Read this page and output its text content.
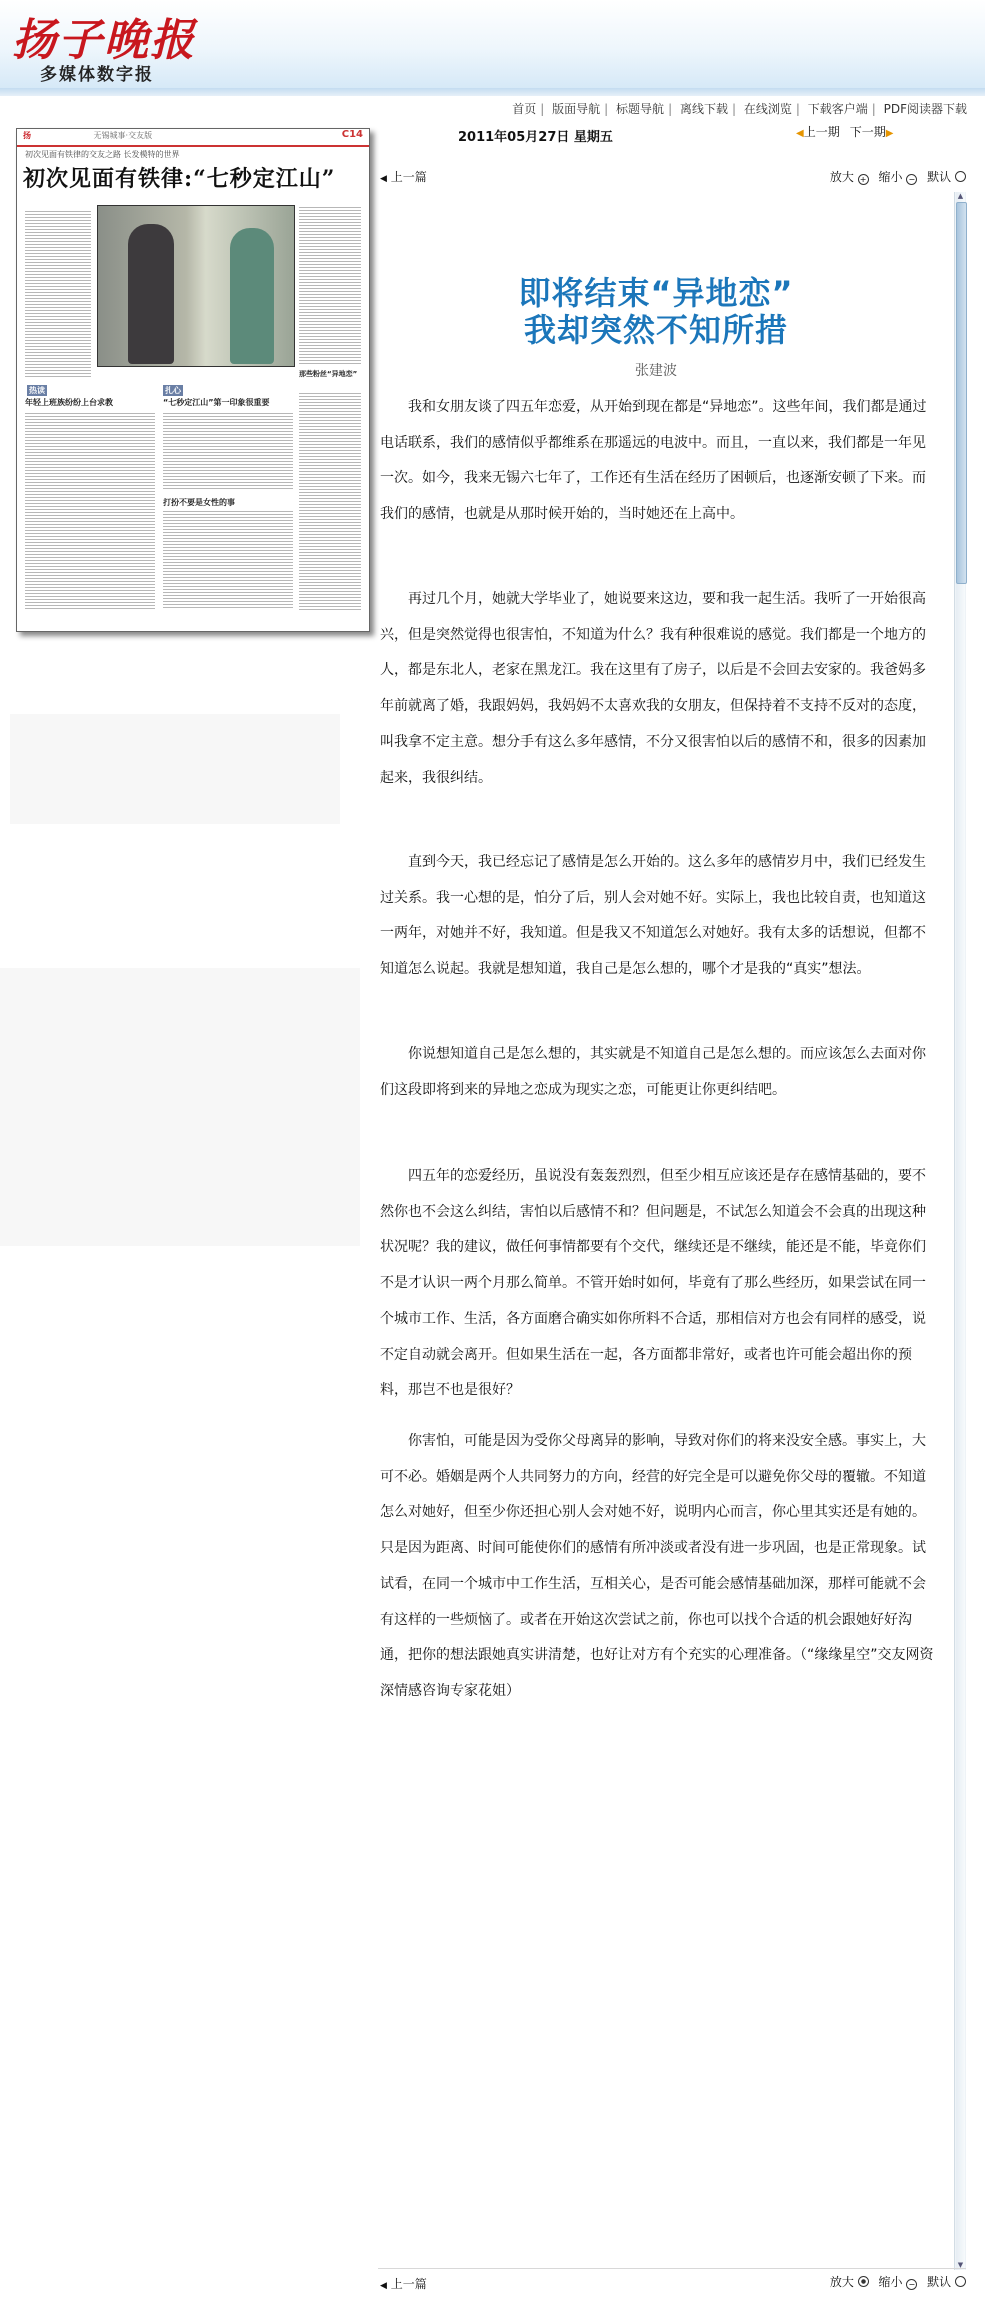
扬子晚报
多媒体数字报
首页 | 版面导航 | 标题导航 | 离线下载 | 在线浏览 | 下载客户端 | PDF阅读器下载
2011年05月27日 星期五	◀上一期 下一期▶
扬	无锡城事·交友版	C14
初次见面有铁律的交友之路 长发模特的世界
初次见面有铁律:“七秒定江山”
热读
年轻上班族纷纷上台求教
扎心
“七秒定江山”第一印象很重要
打扮不要是女性的事
那些粉丝“异地恋”
◀ 上一篇	放大 + 缩小 − 默认
即将结束“异地恋”
我却突然不知所措
张建波

我和女朋友谈了四五年恋爱，从开始到现在都是“异地恋”。这些年间，我们都是通过电话联系，我们的感情似乎都维系在那遥远的电波中。而且，一直以来，我们都是一年见一次。如今，我来无锡六七年了，工作还有生活在经历了困顿后，也逐渐安顿了下来。而我们的感情，也就是从那时候开始的，当时她还在上高中。

再过几个月，她就大学毕业了，她说要来这边，要和我一起生活。我听了一开始很高兴，但是突然觉得也很害怕，不知道为什么？我有种很难说的感觉。我们都是一个地方的人，都是东北人，老家在黑龙江。我在这里有了房子，以后是不会回去安家的。我爸妈多年前就离了婚，我跟妈妈，我妈妈不太喜欢我的女朋友，但保持着不支持不反对的态度，叫我拿不定主意。想分手有这么多年感情，不分又很害怕以后的感情不和，很多的因素加起来，我很纠结。

直到今天，我已经忘记了感情是怎么开始的。这么多年的感情岁月中，我们已经发生过关系。我一心想的是，怕分了后，别人会对她不好。实际上，我也比较自责，也知道这一两年，对她并不好，我知道。但是我又不知道怎么对她好。我有太多的话想说，但都不知道怎么说起。我就是想知道，我自己是怎么想的，哪个才是我的“真实”想法。

你说想知道自己是怎么想的，其实就是不知道自己是怎么想的。而应该怎么去面对你们这段即将到来的异地之恋成为现实之恋，可能更让你更纠结吧。

四五年的恋爱经历，虽说没有轰轰烈烈，但至少相互应该还是存在感情基础的，要不然你也不会这么纠结，害怕以后感情不和？但问题是，不试怎么知道会不会真的出现这种状况呢？我的建议，做任何事情都要有个交代，继续还是不继续，能还是不能，毕竟你们不是才认识一两个月那么简单。不管开始时如何，毕竟有了那么些经历，如果尝试在同一个城市工作、生活，各方面磨合确实如你所料不合适，那相信对方也会有同样的感受，说不定自动就会离开。但如果生活在一起，各方面都非常好，或者也许可能会超出你的预料，那岂不也是很好？

你害怕，可能是因为受你父母离异的影响，导致对你们的将来没安全感。事实上，大可不必。婚姻是两个人共同努力的方向，经营的好完全是可以避免你父母的覆辙。不知道怎么对她好，但至少你还担心别人会对她不好，说明内心而言，你心里其实还是有她的。只是因为距离、时间可能使你们的感情有所冲淡或者没有进一步巩固，也是正常现象。试试看，在同一个城市中工作生活，互相关心，是否可能会感情基础加深，那样可能就不会有这样的一些烦恼了。或者在开始这次尝试之前，你也可以找个合适的机会跟她好好沟通，把你的想法跟她真实讲清楚，也好让对方有个充实的心理准备。（“缘缘星空”交友网资深情感咨询专家花姐）

▲
▼
◀ 上一篇	放大 缩小 − 默认
